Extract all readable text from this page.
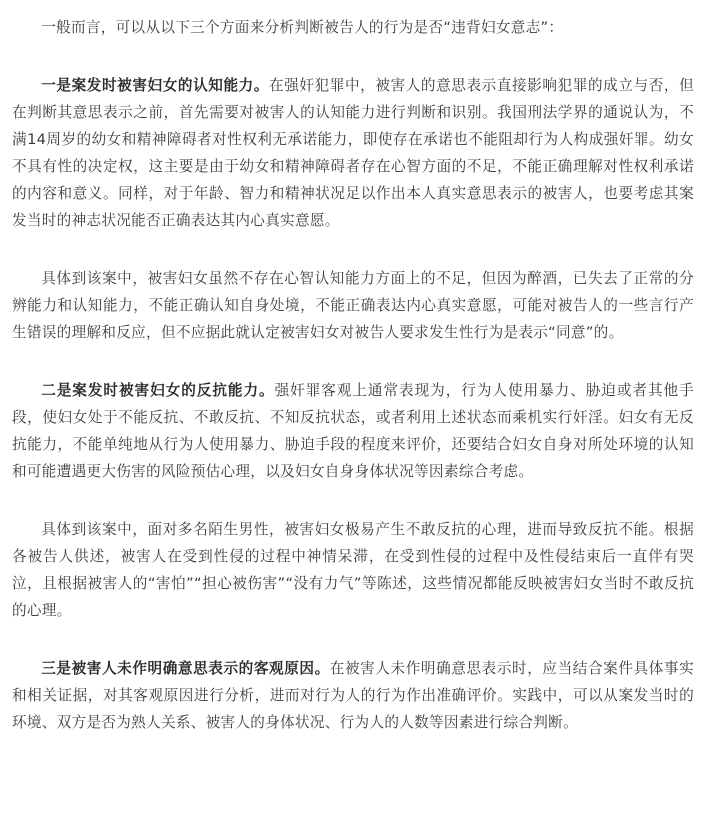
一般而言，可以从以下三个方面来分析判断被告人的行为是否“违背妇女意志”：

一是案发时被害妇女的认知能力。在强奸犯罪中，被害人的意思表示直接影响犯罪的成立与否，但在判断其意思表示之前，首先需要对被害人的认知能力进行判断和识别。我国刑法学界的通说认为，不满14周岁的幼女和精神障碍者对性权利无承诺能力，即使存在承诺也不能阻却行为人构成强奸罪。幼女不具有性的决定权，这主要是由于幼女和精神障碍者存在心智方面的不足，不能正确理解对性权利承诺的内容和意义。同样，对于年龄、智力和精神状况足以作出本人真实意思表示的被害人，也要考虑其案发当时的神志状况能否正确表达其内心真实意愿。

具体到该案中，被害妇女虽然不存在心智认知能力方面上的不足，但因为醉酒，已失去了正常的分辨能力和认知能力，不能正确认知自身处境，不能正确表达内心真实意愿，可能对被告人的一些言行产生错误的理解和反应，但不应据此就认定被害妇女对被告人要求发生性行为是表示“同意”的。

二是案发时被害妇女的反抗能力。强奸罪客观上通常表现为，行为人使用暴力、胁迫或者其他手段，使妇女处于不能反抗、不敢反抗、不知反抗状态，或者利用上述状态而乘机实行奸淫。妇女有无反抗能力，不能单纯地从行为人使用暴力、胁迫手段的程度来评价，还要结合妇女自身对所处环境的认知和可能遭遇更大伤害的风险预估心理，以及妇女自身身体状况等因素综合考虑。

具体到该案中，面对多名陌生男性，被害妇女极易产生不敢反抗的心理，进而导致反抗不能。根据各被告人供述，被害人在受到性侵的过程中神情呆滞，在受到性侵的过程中及性侵结束后一直伴有哭泣，且根据被害人的“害怕”“担心被伤害”“没有力气”等陈述，这些情况都能反映被害妇女当时不敢反抗的心理。

三是被害人未作明确意思表示的客观原因。在被害人未作明确意思表示时，应当结合案件具体事实和相关证据，对其客观原因进行分析，进而对行为人的行为作出准确评价。实践中，可以从案发当时的环境、双方是否为熟人关系、被害人的身体状况、行为人的人数等因素进行综合判断。
